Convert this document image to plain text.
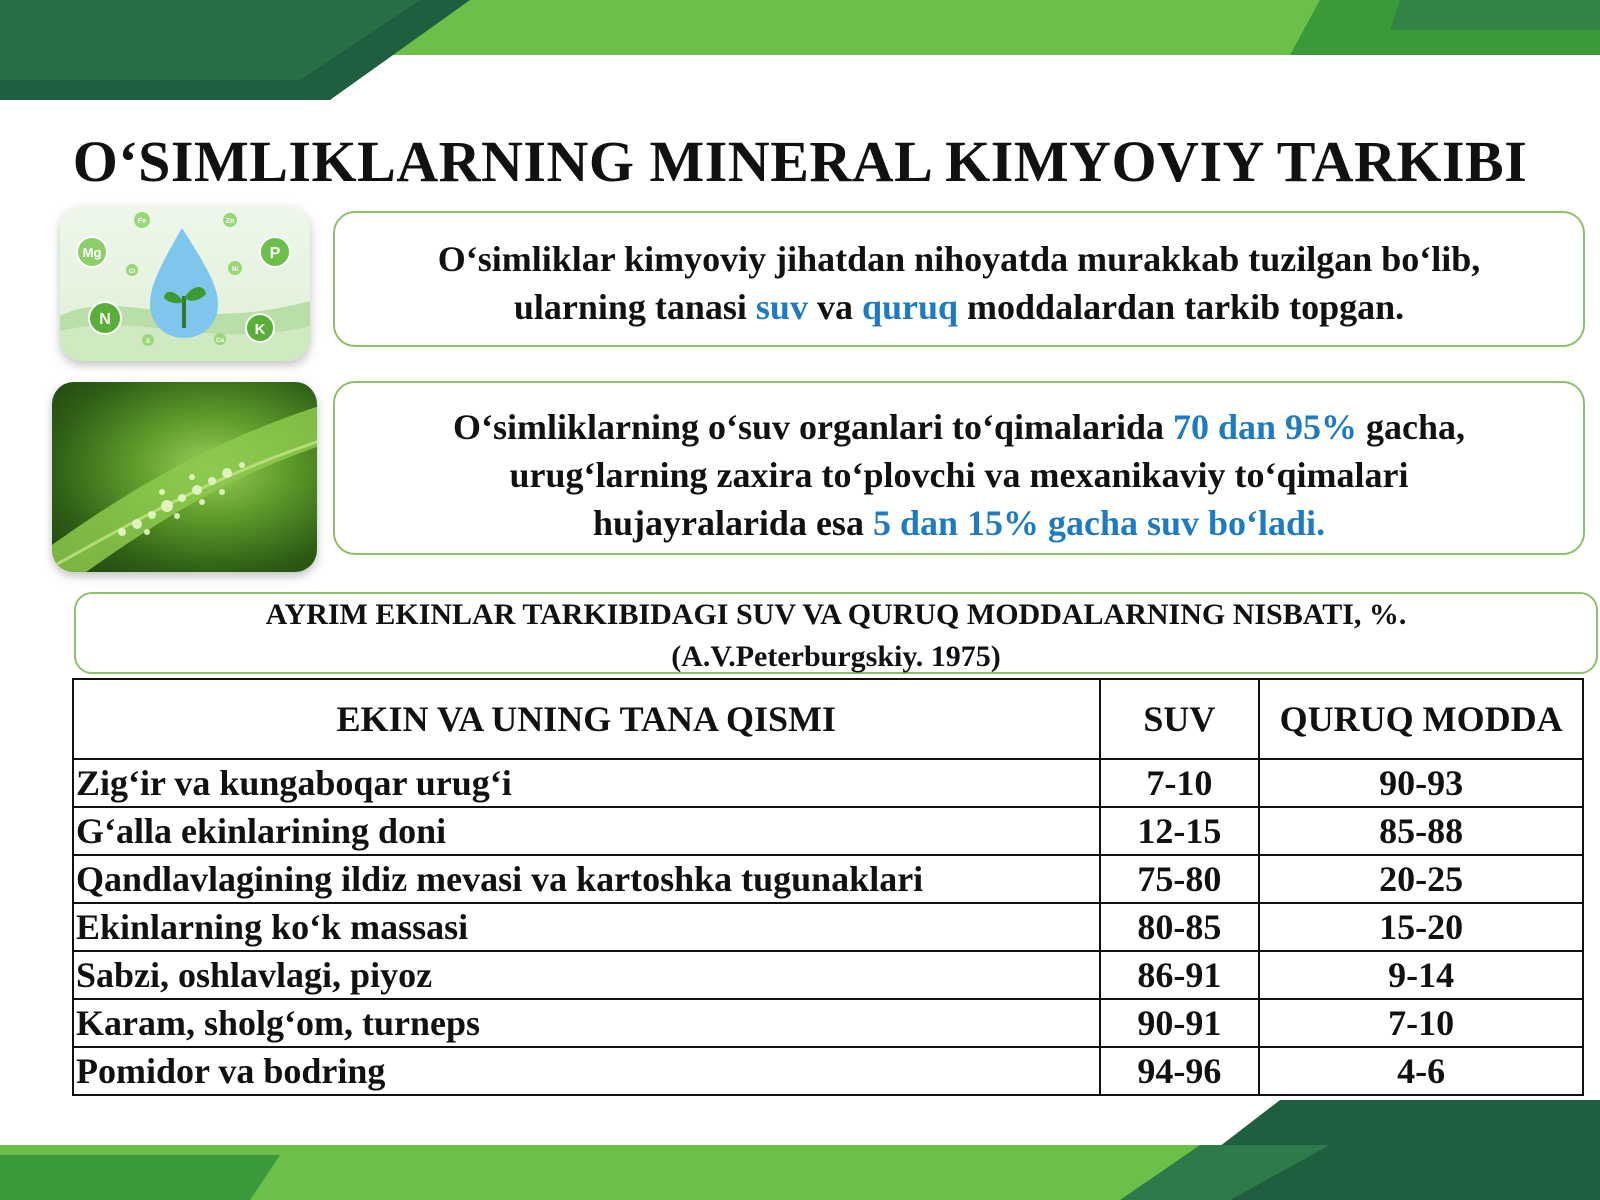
O‘SIMLIKLARNING MINERAL KIMYOVIY TARKIBI
Mg	P
N
K
Fe	Zn
Cl	Ni
S	Cu
O‘simliklar kimyoviy jihatdan nihoyatda murakkab tuzilgan bo‘lib,
ularning tanasi suv va quruq moddalardan tarkib topgan.
O‘simliklarning o‘suv organlari to‘qimalarida 70 dan 95% gacha,
urug‘larning zaxira to‘plovchi va mexanikaviy to‘qimalari
hujayralarida esa 5 dan 15% gacha suv bo‘ladi.
AYRIM EKINLAR TARKIBIDAGI SUV VA QURUQ MODDALARNING NISBATI, %.
(A.V.Peterburgskiy. 1975)
EKIN VA UNING TANA QISMI	SUV	QURUQ MODDA
Zig‘ir va kungaboqar urug‘i	7-10	90-93
G‘alla ekinlarining doni	12-15	85-88
Qandlavlagining ildiz mevasi va kartoshka tugunaklari	75-80	20-25
Ekinlarning ko‘k massasi	80-85	15-20
Sabzi, oshlavlagi, piyoz	86-91	9-14
Karam, sholg‘om, turneps	90-91	7-10
Pomidor va bodring	94-96	4-6
